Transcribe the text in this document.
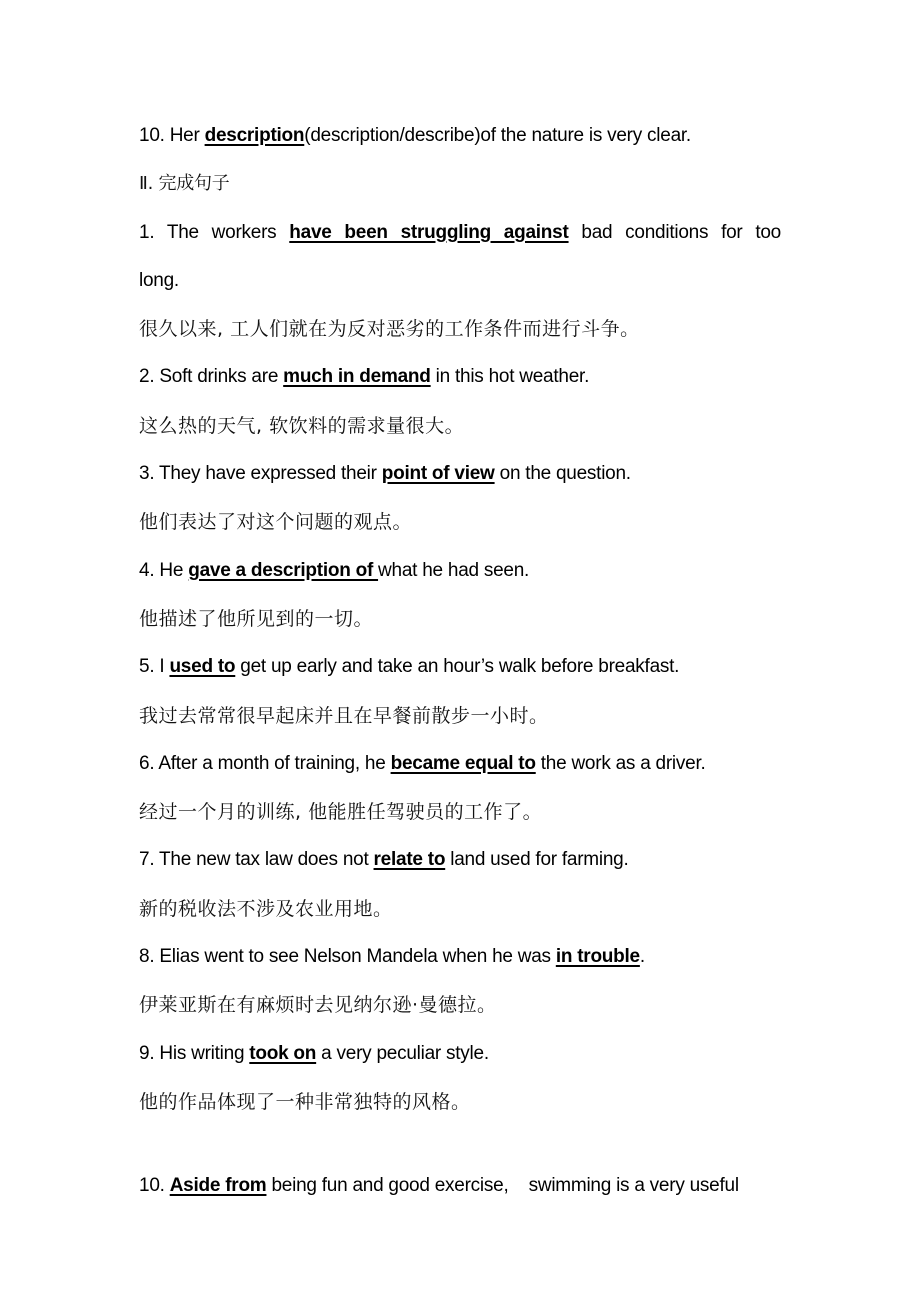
10. Her description(description/describe)of the nature is very clear.
Ⅱ. 完成句子
1. The workers have been struggling against bad conditions for too
long.
很久以来, 工人们就在为反对恶劣的工作条件而进行斗争。
2. Soft drinks are much in demand in this hot weather.
这么热的天气, 软饮料的需求量很大。
3. They have expressed their point of view on the question.
他们表达了对这个问题的观点。
4. He gave a description of what he had seen.
他描述了他所见到的一切。
5. I used to get up early and take an hour’s walk before breakfast.
我过去常常很早起床并且在早餐前散步一小时。
6. After a month of training, he became equal to the work as a driver.
经过一个月的训练, 他能胜任驾驶员的工作了。
7. The new tax law does not relate to land used for farming.
新的税收法不涉及农业用地。
8. Elias went to see Nelson Mandela when he was in trouble.
伊莱亚斯在有麻烦时去见纳尔逊·曼德拉。
9. His writing took on a very peculiar style.
他的作品体现了一种非常独特的风格。

10. Aside from being fun and good exercise,    swimming is a very useful
